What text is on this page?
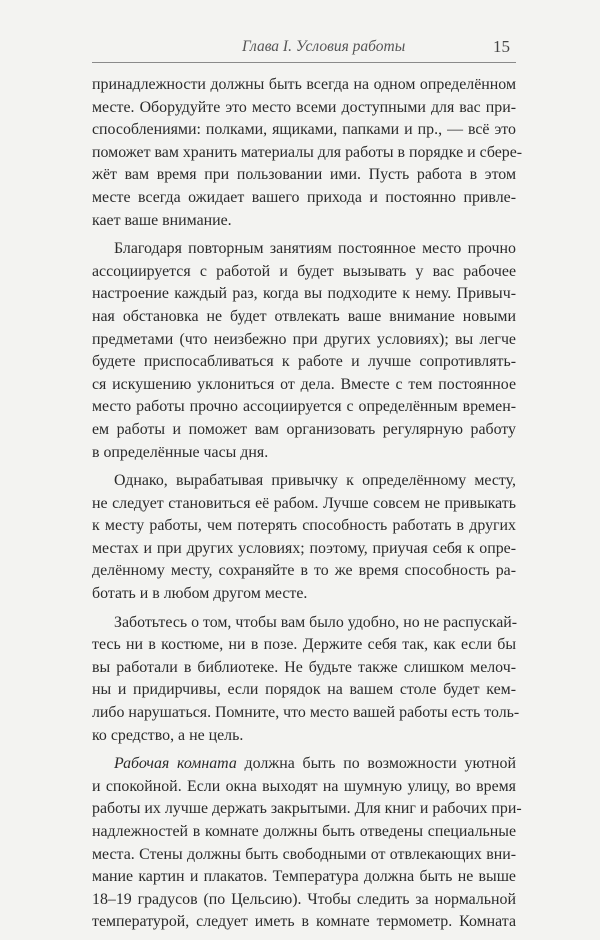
Глава I. Условия работы	15
принадлежности должны быть всегда на одном определённом
месте. Оборудуйте это место всеми доступными для вас при-
способлениями: полками, ящиками, папками и пр., — всё это
поможет вам хранить материалы для работы в порядке и сбере-
жёт вам время при пользовании ими. Пусть работа в этом
месте всегда ожидает вашего прихода и постоянно привле-
кает ваше внимание.
Благодаря повторным занятиям постоянное место прочно
ассоциируется с работой и будет вызывать у вас рабочее
настроение каждый раз, когда вы подходите к нему. Привыч-
ная обстановка не будет отвлекать ваше внимание новыми
предметами (что неизбежно при других условиях); вы легче
будете приспосабливаться к работе и лучше сопротивлять-
ся искушению уклониться от дела. Вместе с тем постоянное
место работы прочно ассоциируется с определённым времен-
ем работы и поможет вам организовать регулярную работу
в определённые часы дня.
Однако, вырабатывая привычку к определённому месту,
не следует становиться её рабом. Лучше совсем не привыкать
к месту работы, чем потерять способность работать в других
местах и при других условиях; поэтому, приучая себя к опре-
делённому месту, сохраняйте в то же время способность ра-
ботать и в любом другом месте.
Заботьтесь о том, чтобы вам было удобно, но не распускай-
тесь ни в костюме, ни в позе. Держите себя так, как если бы
вы работали в библиотеке. Не будьте также слишком мелоч-
ны и придирчивы, если порядок на вашем столе будет кем-
либо нарушаться. Помните, что место вашей работы есть толь-
ко средство, а не цель.
Рабочая комната должна быть по возможности уютной
и спокойной. Если окна выходят на шумную улицу, во время
работы их лучше держать закрытыми. Для книг и рабочих при-
надлежностей в комнате должны быть отведены специальные
места. Стены должны быть свободными от отвлекающих вни-
мание картин и плакатов. Температура должна быть не выше
18–19 градусов (по Цельсию). Чтобы следить за нормальной
температурой, следует иметь в комнате термометр. Комната
